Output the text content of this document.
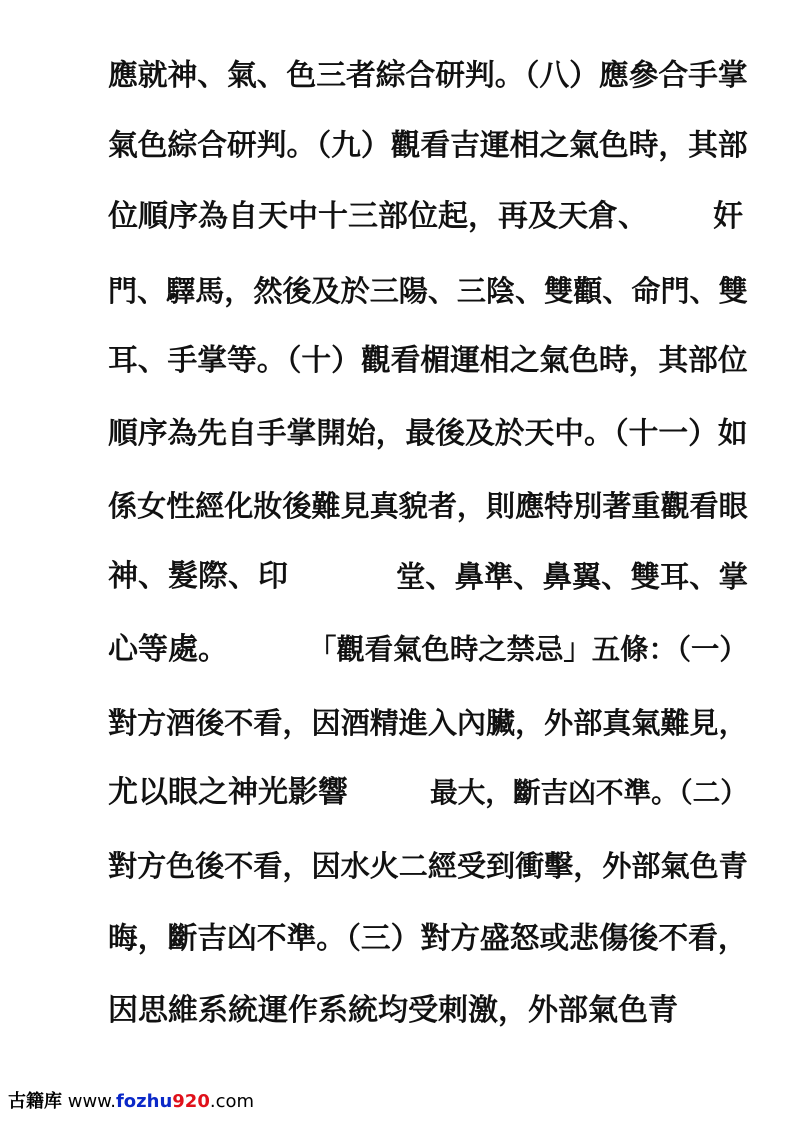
應就神、氣、色三者綜合研判。（八）應參合手掌
氣色綜合研判。（九）觀看吉運相之氣色時，其部
位順序為自天中十三部位起，再及天倉、 奸
門、驛馬，然後及於三陽、三陰、雙顴、命門、雙
耳、手掌等。（十）觀看楣運相之氣色時，其部位
順序為先自手掌開始，最後及於天中。（十一）如
係女性經化妝後難見真貌者，則應特別著重觀看眼
神、髮際、印	堂、鼻準、鼻翼、雙耳、掌
心等處。	「觀看氣色時之禁忌」五條：（一）
對方酒後不看，因酒精進入內臟，外部真氣難見，
尤以眼之神光影響	最大，斷吉凶不準。（二）
對方色後不看，因水火二經受到衝擊，外部氣色青
晦，斷吉凶不準。（三）對方盛怒或悲傷後不看，
因思維系統運作系統均受刺激，外部氣色青
古籍库 www.fozhu920.com
